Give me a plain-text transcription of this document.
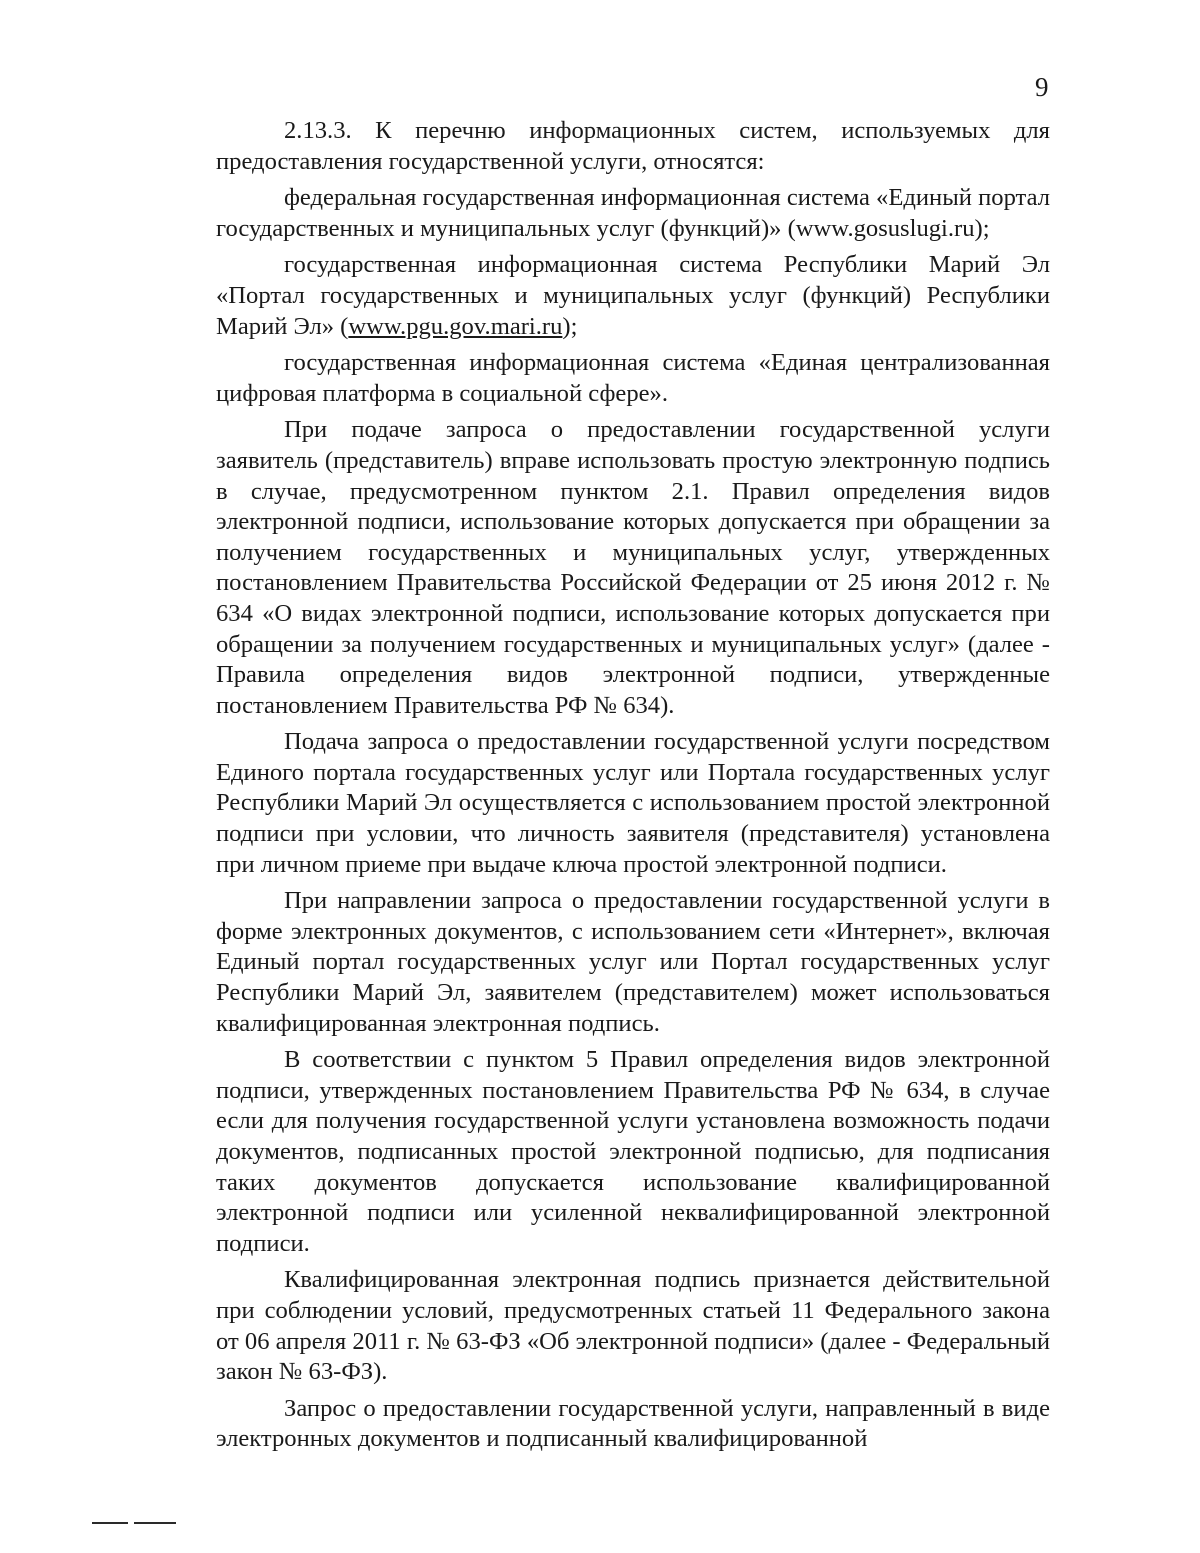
9

2.13.3. К перечню информационных систем, используемых для предоставления государственной услуги, относятся:

федеральная государственная информационная система «Единый портал государственных и муниципальных услуг (функций)» (www.gosuslugi.ru);

государственная информационная система Республики Марий Эл «Портал государственных и муниципальных услуг (функций) Республики Марий Эл» (www.pgu.gov.mari.ru);

государственная информационная система «Единая централизованная цифровая платформа в социальной сфере».

При подаче запроса о предоставлении государственной услуги заявитель (представитель) вправе использовать простую электронную подпись в случае, предусмотренном пунктом 2.1. Правил определения видов электронной подписи, использование которых допускается при обращении за получением государственных и муниципальных услуг, утвержденных постановлением Правительства Российской Федерации от 25 июня 2012 г. № 634 «О видах электронной подписи, использование которых допускается при обращении за получением государственных и муниципальных услуг» (далее - Правила определения видов электронной подписи, утвержденные постановлением Правительства РФ № 634).

Подача запроса о предоставлении государственной услуги посредством Единого портала государственных услуг или Портала государственных услуг Республики Марий Эл осуществляется с использованием простой электронной подписи при условии, что личность заявителя (представителя) установлена при личном приеме при выдаче ключа простой электронной подписи.

При направлении запроса о предоставлении государственной услуги в форме электронных документов, с использованием сети «Интернет», включая Единый портал государственных услуг или Портал государственных услуг Республики Марий Эл, заявителем (представителем) может использоваться квалифицированная электронная подпись.

В соответствии с пунктом 5 Правил определения видов электронной подписи, утвержденных постановлением Правительства РФ № 634, в случае если для получения государственной услуги установлена возможность подачи документов, подписанных простой электронной подписью, для подписания таких документов допускается использование квалифицированной электронной подписи или усиленной неквалифицированной электронной подписи.

Квалифицированная электронная подпись признается действительной при соблюдении условий, предусмотренных статьей 11 Федерального закона от 06 апреля 2011 г. № 63-ФЗ «Об электронной подписи» (далее - Федеральный закон № 63-ФЗ).

Запрос о предоставлении государственной услуги, направленный в виде электронных документов и подписанный квалифицированной
